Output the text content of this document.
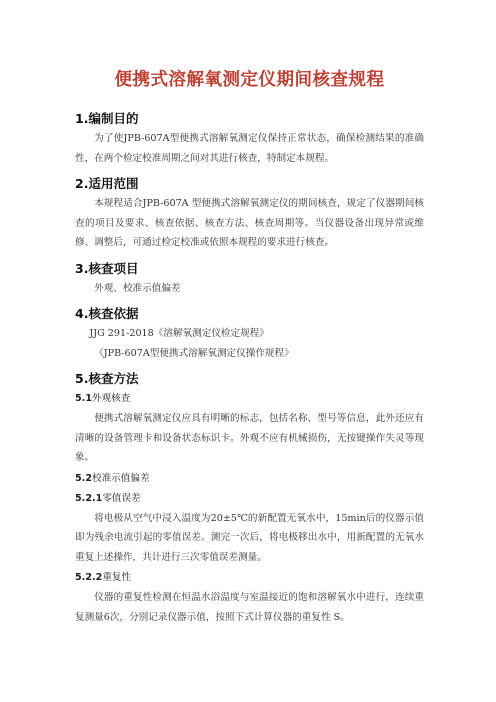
便携式溶解氧测定仪期间核查规程
1.编制目的

为了使JPB-607A型便携式溶解氧测定仪保持正常状态，确保检测结果的准确性，在两个检定校准周期之间对其进行核查，特制定本规程。

2.适用范围

本规程适合JPB-607A 型便携式溶解氧测定仪的期间核查，规定了仪器期间核查的项目及要求、核查依据、核查方法、核查周期等。当仪器设备出现异常或维修、调整后，可通过检定校准或依照本规程的要求进行核查。

3.核查项目

外观、校准示值偏差

4.核查依据

JJG 291-2018《溶解氧测定仪检定规程》

《JPB-607A型便携式溶解氧测定仪操作规程》

5.核查方法
5.1外观核查

便携式溶解氧测定仪应具有明晰的标志，包括名称、型号等信息，此外还应有清晰的设备管理卡和设备状态标识卡。外观不应有机械损伤，无按键操作失灵等现象。

5.2校准示值偏差
5.2.1零值误差

将电极从空气中浸入温度为20±5℃的新配置无氧水中，15min后的仪器示值即为残余电流引起的零值误差。测完一次后，将电极移出水中，用新配置的无氧水重复上述操作，共计进行三次零值误差测量。

5.2.2重复性

仪器的重复性检测在恒温水浴温度与室温接近的饱和溶解氧水中进行，连续重复测量6次，分别记录仪器示值，按照下式计算仪器的重复性 S。
